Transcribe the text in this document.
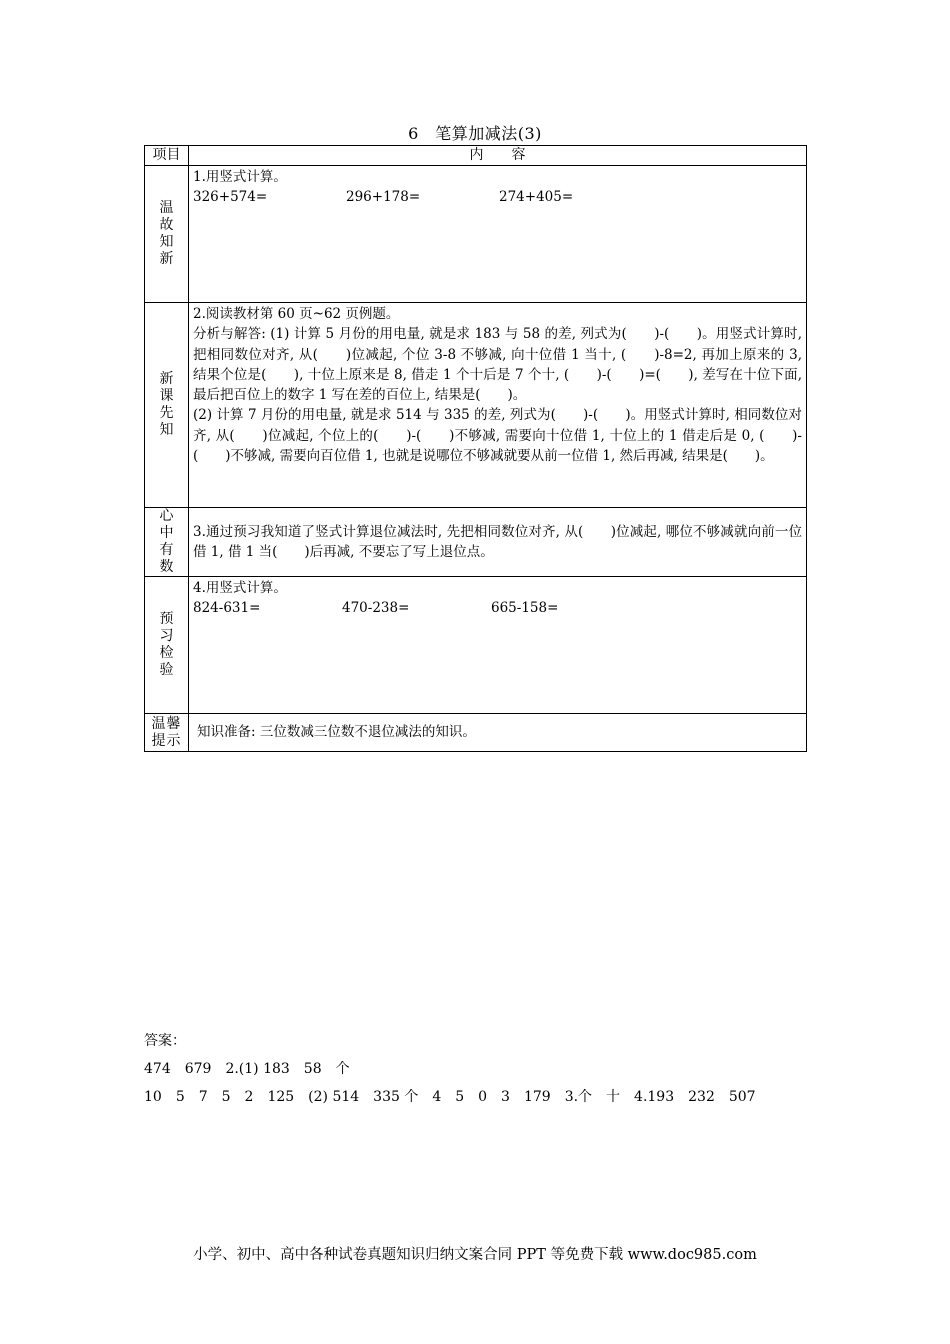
6　笔算加减法(3)
项目	内　　容
温故知新	1.用竖式计算。
326+574= 296+178= 274+405=

新课先知	2.阅读教材第 60 页~62 页例题。
分析与解答: (1) 计算 5 月份的用电量, 就是求 183 与 58 的差, 列式为(　　)-(　　)。用竖式计算时, 把相同数位对齐, 从(　　)位减起, 个位 3-8 不够减, 向十位借 1 当十, (　　)-8=2, 再加上原来的 3, 结果个位是(　　), 十位上原来是 8, 借走 1 个十后是 7 个十, (　　)-(　　)=(　　), 差写在十位下面, 最后把百位上的数字 1 写在差的百位上, 结果是(　　)。
(2) 计算 7 月份的用电量, 就是求 514 与 335 的差, 列式为(　　)-(　　)。用竖式计算时, 相同数位对齐, 从(　　)位减起, 个位上的(　　)-(　　)不够减, 需要向十位借 1, 十位上的 1 借走后是 0, (　　)-(　　)不够减, 需要向百位借 1, 也就是说哪位不够减就要从前一位借 1, 然后再减, 结果是(　　)。
心中有数	3.通过预习我知道了竖式计算退位减法时, 先把相同数位对齐, 从(　　)位减起, 哪位不够减就向前一位借 1, 借 1 当(　　)后再减, 不要忘了写上退位点。
预习检验	4.用竖式计算。
824-631= 470-238= 665-158=

温馨提示	知识准备: 三位数减三位数不退位减法的知识。
答案：
474　679　2.(1) 183　58　个
10　5　7　5　2　125　(2) 514　335 个　4　5　0　3　179　3.个　十　4.193　232　507
小学、初中、高中各种试卷真题知识归纳文案合同 PPT 等免费下载 www.doc985.com
